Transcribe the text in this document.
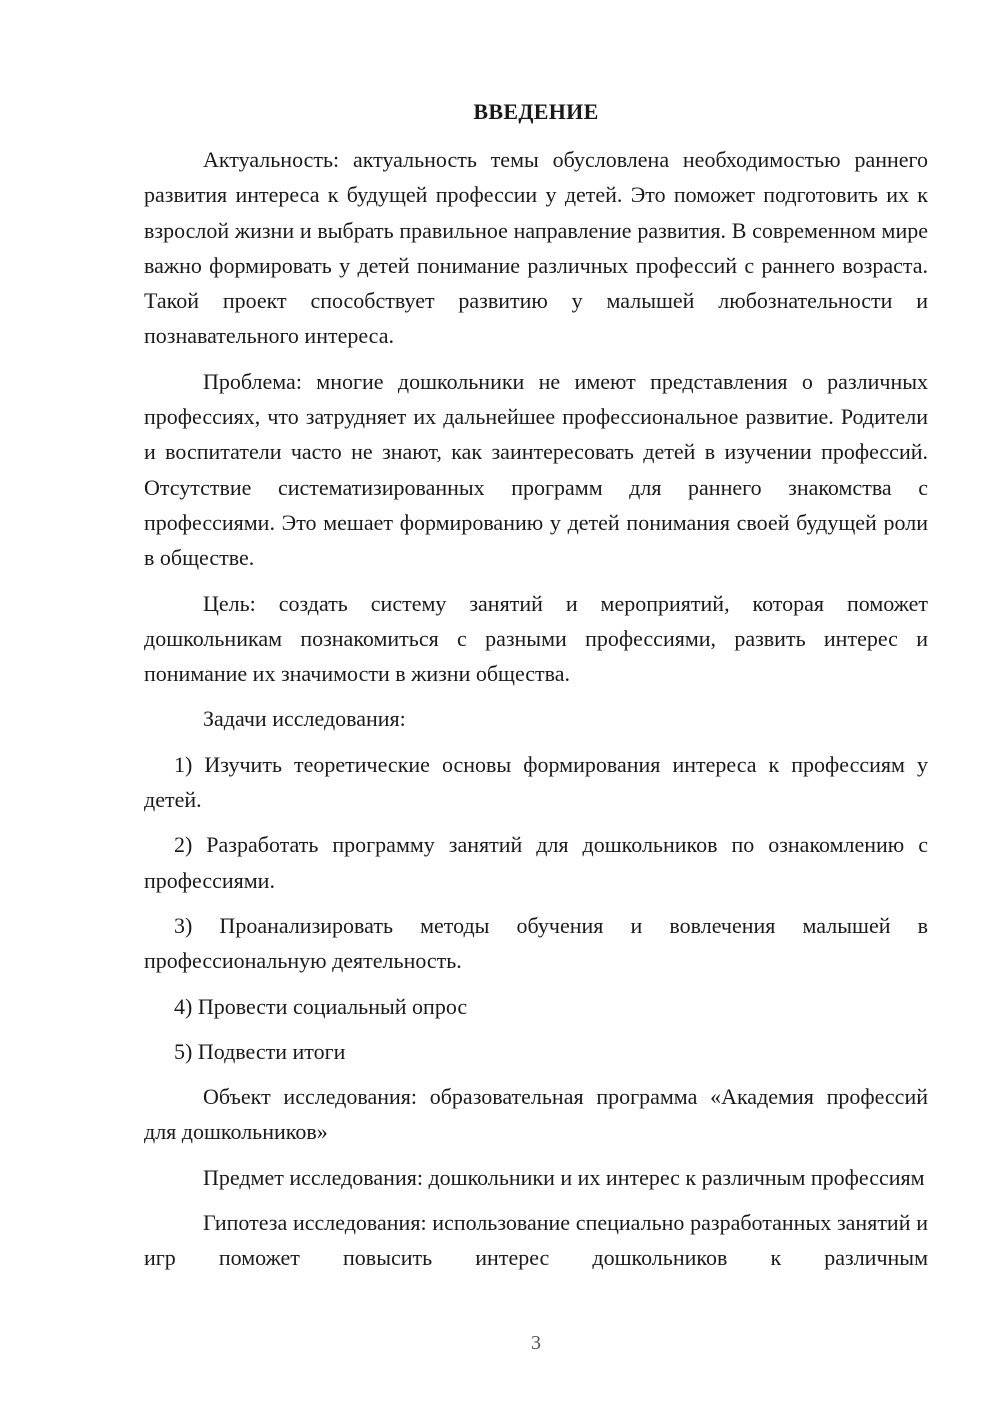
ВВЕДЕНИЕ

Актуальность: актуальность темы обусловлена необходимостью раннего развития интереса к будущей профессии у детей. Это поможет подготовить их к взрослой жизни и выбрать правильное направление развития. В современном мире важно формировать у детей понимание различных профессий с раннего возраста. Такой проект способствует развитию у малышей любознательности и познавательного интереса.

Проблема: многие дошкольники не имеют представления о различных профессиях, что затрудняет их дальнейшее профессиональное развитие. Родители и воспитатели часто не знают, как заинтересовать детей в изучении профессий. Отсутствие систематизированных программ для раннего знакомства с профессиями. Это мешает формированию у детей понимания своей будущей роли в обществе.

Цель: создать систему занятий и мероприятий, которая поможет дошкольникам познакомиться с разными профессиями, развить интерес и понимание их значимости в жизни общества.

Задачи исследования:

1) Изучить теоретические основы формирования интереса к профессиям у детей.

2) Разработать программу занятий для дошкольников по ознакомлению с профессиями.

3) Проанализировать методы обучения и вовлечения малышей в профессиональную деятельность.

4) Провести социальный опрос

5) Подвести итоги

Объект исследования: образовательная программа «Академия профессий для дошкольников»

Предмет исследования: дошкольники и их интерес к различным профессиям

Гипотеза исследования: использование специально разработанных занятий и игр поможет повысить интерес дошкольников к различным

3
